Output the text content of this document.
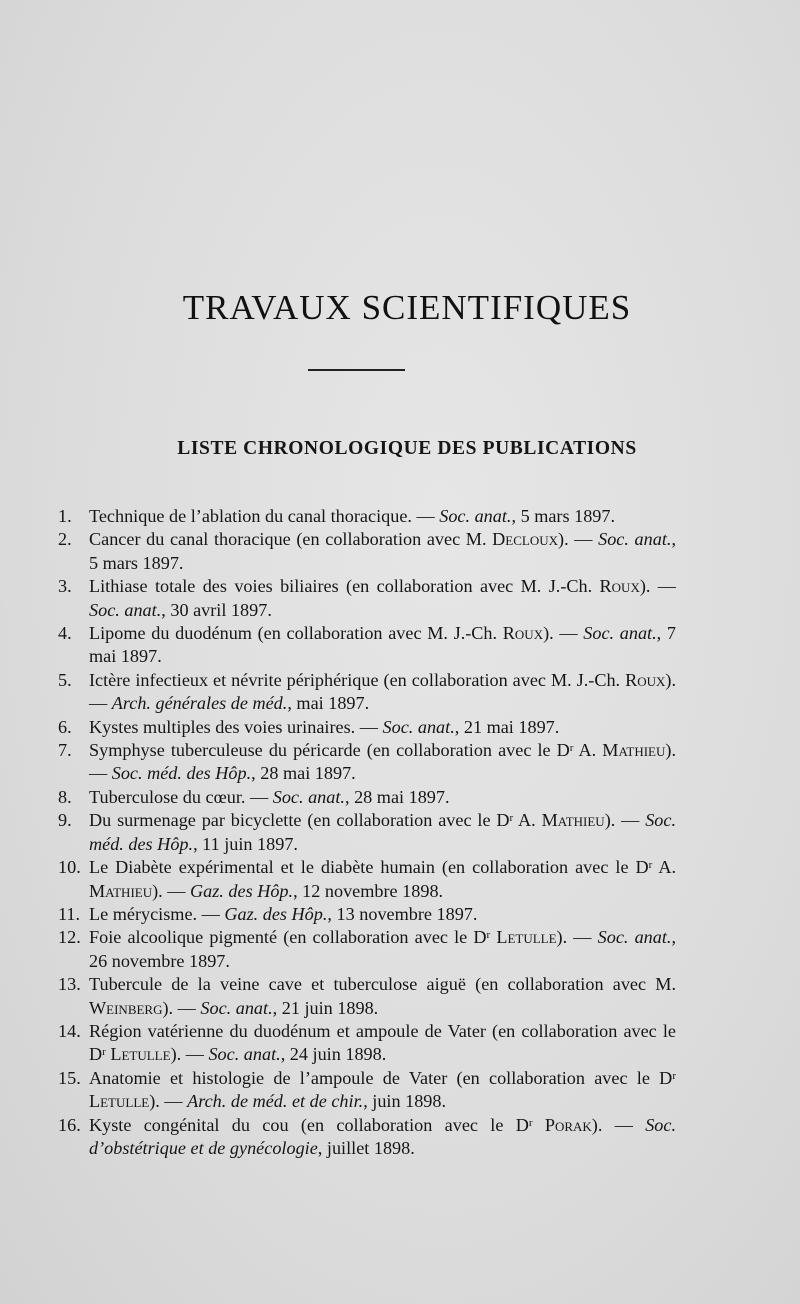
TRAVAUX SCIENTIFIQUES
LISTE CHRONOLOGIQUE DES PUBLICATIONS
1. Technique de l’ablation du canal thoracique. — Soc. anat., 5 mars 1897.
2. Cancer du canal thoracique (en collaboration avec M. Decloux). — Soc. anat., 5 mars 1897.
3. Lithiase totale des voies biliaires (en collaboration avec M. J.-Ch. Roux). — Soc. anat., 30 avril 1897.
4. Lipome du duodénum (en collaboration avec M. J.-Ch. Roux). — Soc. anat., 7 mai 1897.
5. Ictère infectieux et névrite périphérique (en collaboration avec M. J.-Ch. Roux). — Arch. générales de méd., mai 1897.
6. Kystes multiples des voies urinaires. — Soc. anat., 21 mai 1897.
7. Symphyse tuberculeuse du péricarde (en collaboration avec le $D^r$ A. Mathieu). — Soc. méd. des Hôp., 28 mai 1897.
8. Tuberculose du cœur. — Soc. anat., 28 mai 1897.
9. Du surmenage par bicyclette (en collaboration avec le $D^r$ A. Mathieu). — Soc. méd. des Hôp., 11 juin 1897.
10. Le Diabète expérimental et le diabète humain (en collaboration avec le $D^r$ A. Mathieu). — Gaz. des Hôp., 12 novembre 1898.
11. Le mérycisme. — Gaz. des Hôp., 13 novembre 1897.
12. Foie alcoolique pigmenté (en collaboration avec le $D^r$ Letulle). — Soc. anat., 26 novembre 1897.
13. Tubercule de la veine cave et tuberculose aiguë (en collaboration avec M. Weinberg). — Soc. anat., 21 juin 1898.
14. Région vatérienne du duodénum et ampoule de Vater (en collaboration avec le $D^r$ Letulle). — Soc. anat., 24 juin 1898.
15. Anatomie et histologie de l’ampoule de Vater (en collaboration avec le $D^r$ Letulle). — Arch. de méd. et de chir., juin 1898.
16. Kyste congénital du cou (en collaboration avec le $D^r$ Porak). — Soc. d’obstétrique et de gynécologie, juillet 1898.
